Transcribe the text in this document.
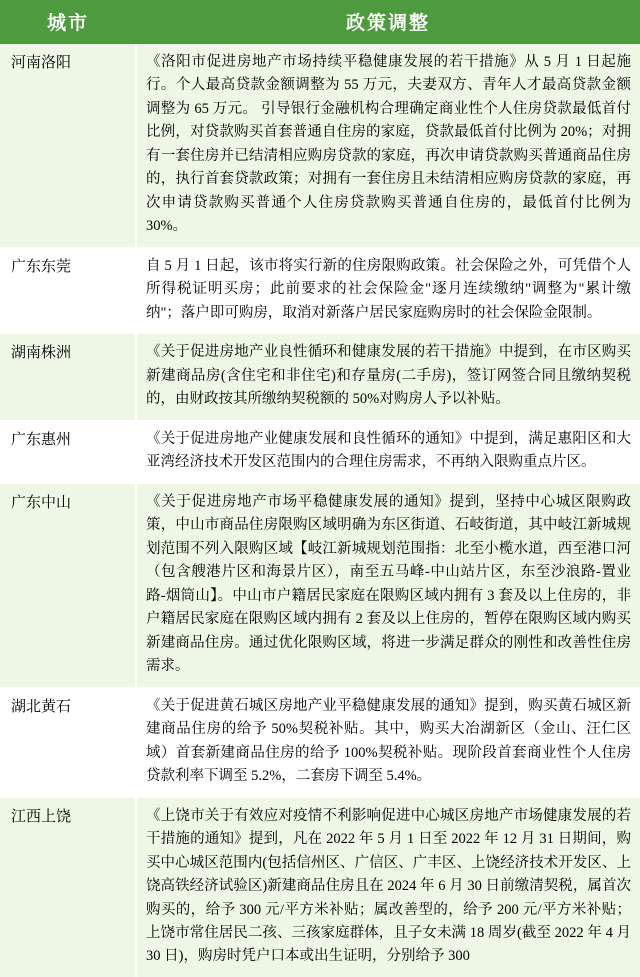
城市	政策调整
河南洛阳	《洛阳市促进房地产市场持续平稳健康发展的若干措施》从 5 月 1 日起施行。个人最高贷款金额调整为 55 万元，夫妻双方、青年人才最高贷款金额调整为 65 万元。 引导银行金融机构合理确定商业性个人住房贷款最低首付比例，对贷款购买首套普通自住房的家庭，贷款最低首付比例为 20%；对拥有一套住房并已结清相应购房贷款的家庭，再次申请贷款购买普通商品住房的，执行首套贷款政策；对拥有一套住房且未结清相应购房贷款的家庭，再次申请贷款购买普通个人住房贷款购买普通自住房的，最低首付比例为 30%。
广东东莞	自 5 月 1 日起，该市将实行新的住房限购政策。社会保险之外，可凭借个人所得税证明买房；此前要求的社会保险金"逐月连续缴纳"调整为"累计缴纳"；落户即可购房，取消对新落户居民家庭购房时的社会保险金限制。
湖南株洲	《关于促进房地产业良性循环和健康发展的若干措施》中提到，在市区购买新建商品房(含住宅和非住宅)和存量房(二手房)，签订网签合同且缴纳契税的，由财政按其所缴纳契税额的 50%对购房人予以补贴。
广东惠州	《关于促进房地产业健康发展和良性循环的通知》中提到，满足惠阳区和大亚湾经济技术开发区范围内的合理住房需求，不再纳入限购重点片区。
广东中山	《关于促进房地产市场平稳健康发展的通知》提到，坚持中心城区限购政策，中山市商品住房限购区域明确为东区街道、石岐街道，其中岐江新城规划范围不列入限购区域【岐江新城规划范围指：北至小榄水道，西至港口河（包含艘港片区和海景片区），南至五马峰-中山站片区，东至沙浪路-置业路-烟筒山】。中山市户籍居民家庭在限购区域内拥有 3 套及以上住房的，非户籍居民家庭在限购区域内拥有 2 套及以上住房的，暂停在限购区域内购买新建商品住房。通过优化限购区域，将进一步满足群众的刚性和改善性住房需求。
湖北黄石	《关于促进黄石城区房地产业平稳健康发展的通知》提到，购买黄石城区新建商品住房的给予 50%契税补贴。其中，购买大冶湖新区（金山、汪仁区域）首套新建商品住房的给予 100%契税补贴。现阶段首套商业性个人住房贷款利率下调至 5.2%，二套房下调至 5.4%。
江西上饶	《上饶市关于有效应对疫情不利影响促进中心城区房地产市场健康发展的若干措施的通知》提到，凡在 2022 年 5 月 1 日至 2022 年 12 月 31 日期间，购买中心城区范围内(包括信州区、广信区、广丰区、上饶经济技术开发区、上饶高铁经济试验区)新建商品住房且在 2024 年 6 月 30 日前缴清契税，属首次购买的，给予 300 元/平方米补贴；属改善型的，给予 200 元/平方米补贴；上饶市常住居民二孩、三孩家庭群体，且子女未满 18 周岁(截至 2022 年 4 月 30 日)，购房时凭户口本或出生证明，分别给予 300
